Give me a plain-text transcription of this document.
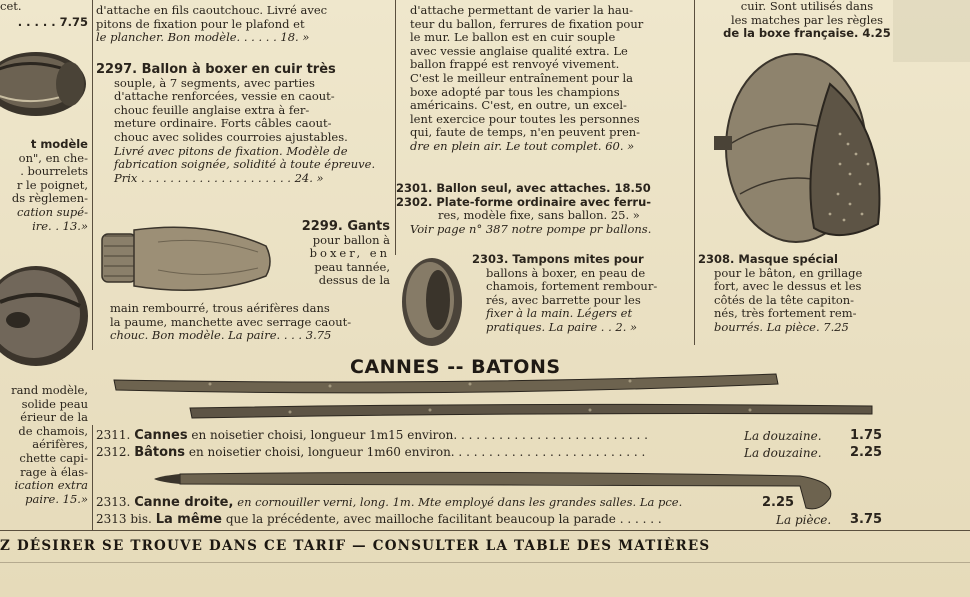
cet.
. . . . . 7.75
t modèle
on", en che-
. bourrelets
r le poignet,
ds règlemen-
cation supé-
ire. . 13.»
rand modèle,
solide peau
érieur de la
de chamois,
aérifères,
chette capi-
rage à élas-
ication extra
paire. 15.»
d'attache en fils caoutchouc. Livré avec
pitons de fixation pour le plafond et
le plancher. Bon modèle. . . . . . 18. »
2297. Ballon à boxer en cuir très
souple, à 7 segments, avec parties
d'attache renforcées, vessie en caout-
chouc feuille anglaise extra à fer-
meture ordinaire. Forts câbles caout-
chouc avec solides courroies ajustables.
Livré avec pitons de fixation. Modèle de
fabrication soignée, solidité à toute épreuve.
Prix . . . . . . . . . . . . . . . . . . . . . 24. »
2299. Gants
pour ballon à
boxer, en
peau tannée,
dessus de la
main rembourré, trous aérifères dans
la paume, manchette avec serrage caout-
chouc. Bon modèle. La paire. . . . 3.75
d'attache permettant de varier la hau-
teur du ballon, ferrures de fixation pour
le mur. Le ballon est en cuir souple
avec vessie anglaise qualité extra. Le
ballon frappé est renvoyé vivement.
C'est le meilleur entraînement pour la
boxe adopté par tous les champions
américains. C'est, en outre, un excel-
lent exercice pour toutes les personnes
qui, faute de temps, n'en peuvent pren-
dre en plein air. Le tout complet. 60. »
2301. Ballon seul, avec attaches. 18.50
2302. Plate-forme ordinaire avec ferru-
res, modèle fixe, sans ballon. 25. »
Voir page n° 387 notre pompe pr ballons.
2303. Tampons mites pour
ballons à boxer, en peau de
chamois, fortement rembour-
rés, avec barrette pour les
fixer à la main. Légers et
pratiques. La paire . . 2. »
cuir. Sont utilisés dans
les matches par les règles
de la boxe française. 4.25
2308. Masque spécial
pour le bâton, en grillage
fort, avec le dessus et les
côtés de la tête capiton-
nés, très fortement rem-
bourrés. La pièce. 7.25
CANNES -- BATONS
2311. Cannes en noisetier choisi, longueur 1m15 environ. . . . . . . . . . . . . . . . . . . . . . . . . .	La douzaine. 1.75
2312. Bâtons en noisetier choisi, longueur 1m60 environ. . . . . . . . . . . . . . . . . . . . . . . . . .	La douzaine. 2.25
2313. Canne droite, en cornouiller verni, long. 1m. Mte employé dans les grandes salles. La pce.	2.25
2313 bis. La même que la précédente, avec mailloche facilitant beaucoup la parade . . . . . .	La pièce. 3.75
Z DÉSIRER SE TROUVE DANS CE TARIF — CONSULTER LA TABLE DES MATIÈRES
